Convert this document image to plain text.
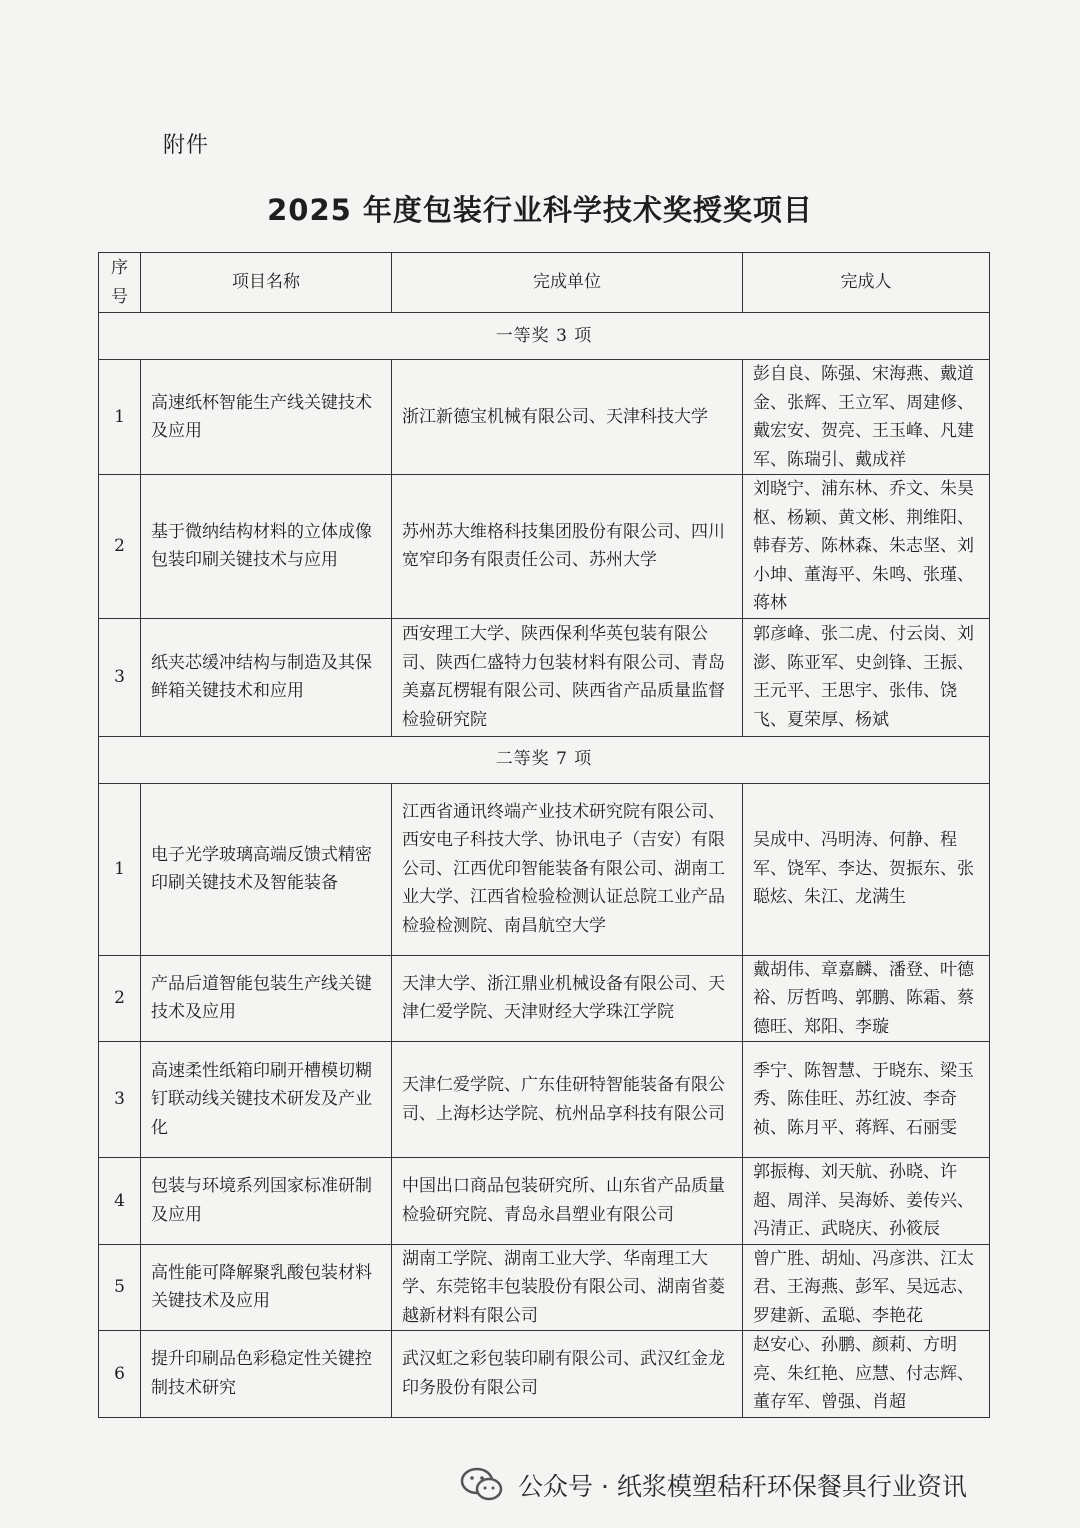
附件
2025 年度包装行业科学技术奖授奖项目
序号	项目名称	完成单位	完成人
一等奖 3 项			
1	高速纸杯智能生产线关键技术及应用	浙江新德宝机械有限公司、天津科技大学	彭自良、陈强、宋海燕、戴道金、张辉、王立军、周建修、戴宏安、贺亮、王玉峰、凡建军、陈瑞引、戴成祥
2	基于微纳结构材料的立体成像包装印刷关键技术与应用	苏州苏大维格科技集团股份有限公司、四川宽窄印务有限责任公司、苏州大学	刘晓宁、浦东林、乔文、朱昊枢、杨颖、黄文彬、荆维阳、韩春芳、陈林森、朱志坚、刘小坤、董海平、朱鸣、张瑾、蒋林
3	纸夹芯缓冲结构与制造及其保鲜箱关键技术和应用	西安理工大学、陕西保利华英包装有限公司、陕西仁盛特力包装材料有限公司、青岛美嘉瓦楞辊有限公司、陕西省产品质量监督检验研究院	郭彦峰、张二虎、付云岗、刘澎、陈亚军、史剑锋、王振、王元平、王思宇、张伟、饶飞、夏荣厚、杨斌
二等奖 7 项			
1	电子光学玻璃高端反馈式精密印刷关键技术及智能装备	江西省通讯终端产业技术研究院有限公司、西安电子科技大学、协讯电子（吉安）有限公司、江西优印智能装备有限公司、湖南工业大学、江西省检验检测认证总院工业产品检验检测院、南昌航空大学	吴成中、冯明涛、何静、程军、饶军、李达、贺振东、张聪炫、朱江、龙满生
2	产品后道智能包装生产线关键技术及应用	天津大学、浙江鼎业机械设备有限公司、天津仁爱学院、天津财经大学珠江学院	戴胡伟、章嘉麟、潘登、叶德裕、厉哲鸣、郭鹏、陈霜、蔡德旺、郑阳、李璇
3	高速柔性纸箱印刷开槽模切糊钉联动线关键技术研发及产业化	天津仁爱学院、广东佳研特智能装备有限公司、上海杉达学院、杭州品享科技有限公司	季宁、陈智慧、于晓东、梁玉秀、陈佳旺、苏红波、李奇祯、陈月平、蒋辉、石丽雯
4	包装与环境系列国家标准研制及应用	中国出口商品包装研究所、山东省产品质量检验研究院、青岛永昌塑业有限公司	郭振梅、刘天航、孙晓、许超、周洋、吴海娇、姜传兴、冯清正、武晓庆、孙筱辰
5	高性能可降解聚乳酸包装材料关键技术及应用	湖南工学院、湖南工业大学、华南理工大学、东莞铭丰包装股份有限公司、湖南省菱越新材料有限公司	曾广胜、胡灿、冯彦洪、江太君、王海燕、彭军、吴远志、罗建新、孟聪、李艳花
6	提升印刷品色彩稳定性关键控制技术研究	武汉虹之彩包装印刷有限公司、武汉红金龙印务股份有限公司	赵安心、孙鹏、颜莉、方明亮、朱红艳、应慧、付志辉、董存军、曾强、肖超
公众号 · 纸浆模塑秸秆环保餐具行业资讯
